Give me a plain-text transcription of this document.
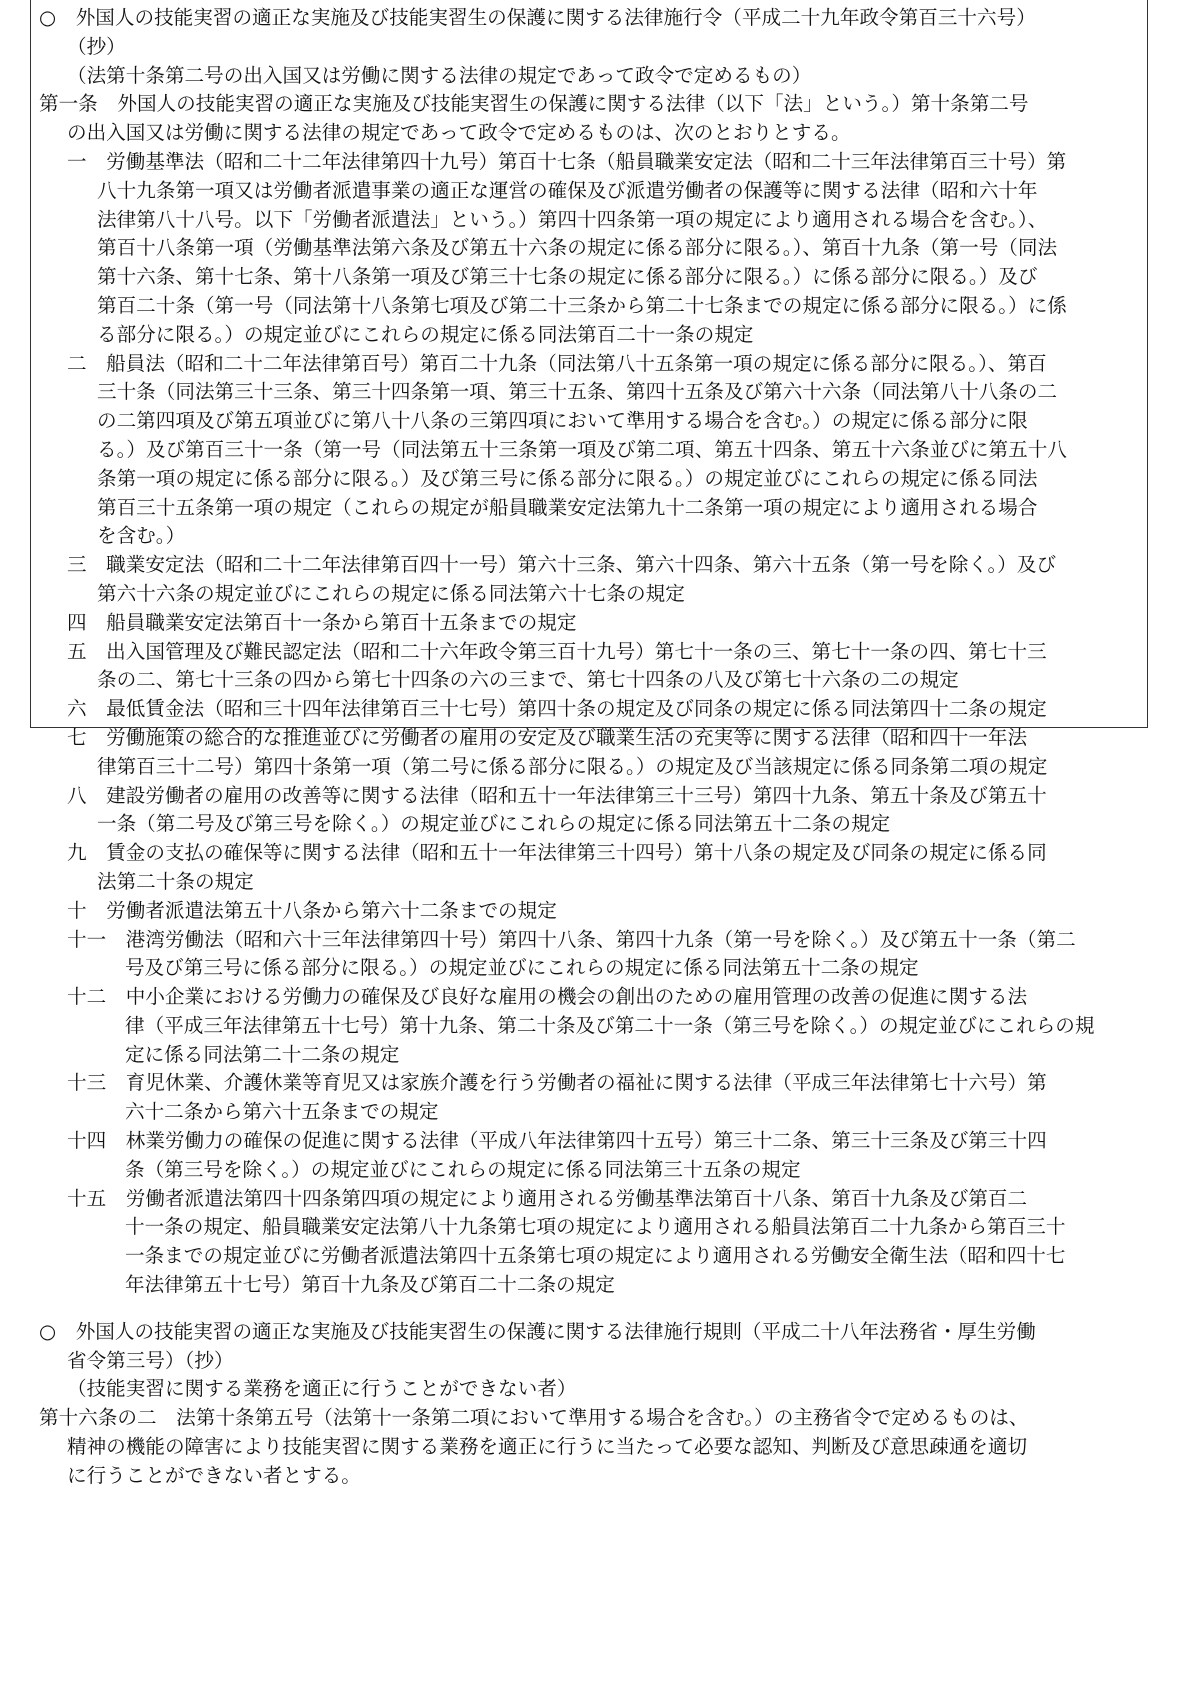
○　外国人の技能実習の適正な実施及び技能実習生の保護に関する法律施行令（平成二十九年政令第百三十六号）
（抄）
（法第十条第二号の出入国又は労働に関する法律の規定であって政令で定めるもの）
第一条　外国人の技能実習の適正な実施及び技能実習生の保護に関する法律（以下「法」という。）第十条第二号
の出入国又は労働に関する法律の規定であって政令で定めるものは、次のとおりとする。
一　労働基準法（昭和二十二年法律第四十九号）第百十七条（船員職業安定法（昭和二十三年法律第百三十号）第
八十九条第一項又は労働者派遣事業の適正な運営の確保及び派遣労働者の保護等に関する法律（昭和六十年
法律第八十八号。以下「労働者派遣法」という。）第四十四条第一項の規定により適用される場合を含む。）、
第百十八条第一項（労働基準法第六条及び第五十六条の規定に係る部分に限る。）、第百十九条（第一号（同法
第十六条、第十七条、第十八条第一項及び第三十七条の規定に係る部分に限る。）に係る部分に限る。）及び
第百二十条（第一号（同法第十八条第七項及び第二十三条から第二十七条までの規定に係る部分に限る。）に係
る部分に限る。）の規定並びにこれらの規定に係る同法第百二十一条の規定
二　船員法（昭和二十二年法律第百号）第百二十九条（同法第八十五条第一項の規定に係る部分に限る。）、第百
三十条（同法第三十三条、第三十四条第一項、第三十五条、第四十五条及び第六十六条（同法第八十八条の二
の二第四項及び第五項並びに第八十八条の三第四項において準用する場合を含む。）の規定に係る部分に限
る。）及び第百三十一条（第一号（同法第五十三条第一項及び第二項、第五十四条、第五十六条並びに第五十八
条第一項の規定に係る部分に限る。）及び第三号に係る部分に限る。）の規定並びにこれらの規定に係る同法
第百三十五条第一項の規定（これらの規定が船員職業安定法第九十二条第一項の規定により適用される場合
を含む。）
三　職業安定法（昭和二十二年法律第百四十一号）第六十三条、第六十四条、第六十五条（第一号を除く。）及び
第六十六条の規定並びにこれらの規定に係る同法第六十七条の規定
四　船員職業安定法第百十一条から第百十五条までの規定
五　出入国管理及び難民認定法（昭和二十六年政令第三百十九号）第七十一条の三、第七十一条の四、第七十三
条の二、第七十三条の四から第七十四条の六の三まで、第七十四条の八及び第七十六条の二の規定
六　最低賃金法（昭和三十四年法律第百三十七号）第四十条の規定及び同条の規定に係る同法第四十二条の規定
七　労働施策の総合的な推進並びに労働者の雇用の安定及び職業生活の充実等に関する法律（昭和四十一年法
律第百三十二号）第四十条第一項（第二号に係る部分に限る。）の規定及び当該規定に係る同条第二項の規定
八　建設労働者の雇用の改善等に関する法律（昭和五十一年法律第三十三号）第四十九条、第五十条及び第五十
一条（第二号及び第三号を除く。）の規定並びにこれらの規定に係る同法第五十二条の規定
九　賃金の支払の確保等に関する法律（昭和五十一年法律第三十四号）第十八条の規定及び同条の規定に係る同
法第二十条の規定
十　労働者派遣法第五十八条から第六十二条までの規定
十一　港湾労働法（昭和六十三年法律第四十号）第四十八条、第四十九条（第一号を除く。）及び第五十一条（第二
号及び第三号に係る部分に限る。）の規定並びにこれらの規定に係る同法第五十二条の規定
十二　中小企業における労働力の確保及び良好な雇用の機会の創出のための雇用管理の改善の促進に関する法
律（平成三年法律第五十七号）第十九条、第二十条及び第二十一条（第三号を除く。）の規定並びにこれらの規
定に係る同法第二十二条の規定
十三　育児休業、介護休業等育児又は家族介護を行う労働者の福祉に関する法律（平成三年法律第七十六号）第
六十二条から第六十五条までの規定
十四　林業労働力の確保の促進に関する法律（平成八年法律第四十五号）第三十二条、第三十三条及び第三十四
条（第三号を除く。）の規定並びにこれらの規定に係る同法第三十五条の規定
十五　労働者派遣法第四十四条第四項の規定により適用される労働基準法第百十八条、第百十九条及び第百二
十一条の規定、船員職業安定法第八十九条第七項の規定により適用される船員法第百二十九条から第百三十
一条までの規定並びに労働者派遣法第四十五条第七項の規定により適用される労働安全衛生法（昭和四十七
年法律第五十七号）第百十九条及び第百二十二条の規定
○　外国人の技能実習の適正な実施及び技能実習生の保護に関する法律施行規則（平成二十八年法務省・厚生労働
省令第三号）（抄）
（技能実習に関する業務を適正に行うことができない者）
第十六条の二　法第十条第五号（法第十一条第二項において準用する場合を含む。）の主務省令で定めるものは、
精神の機能の障害により技能実習に関する業務を適正に行うに当たって必要な認知、判断及び意思疎通を適切
に行うことができない者とする。
